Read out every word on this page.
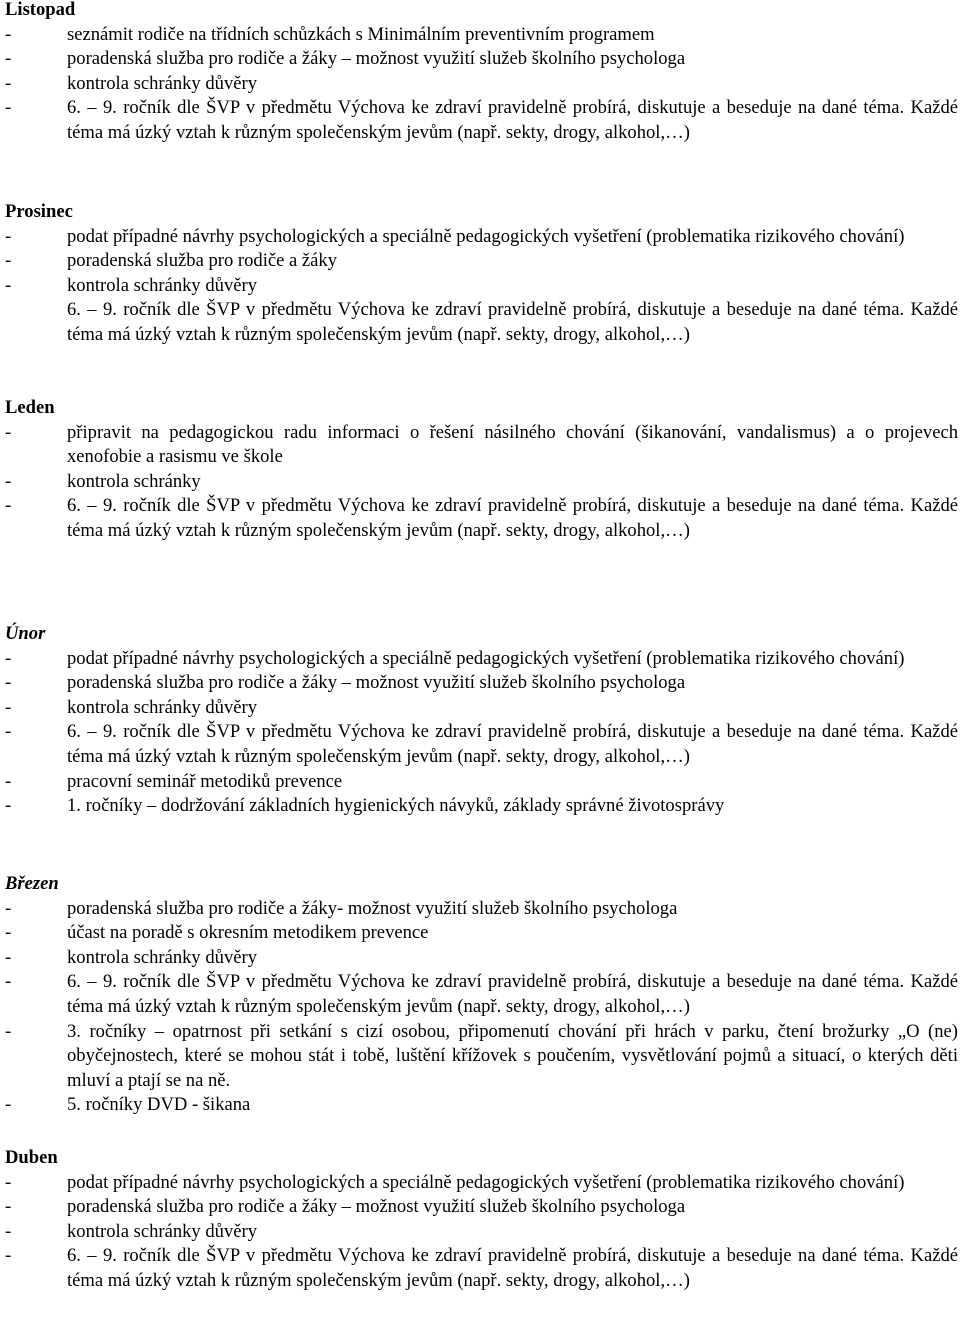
Listopad
-	seznámit rodiče na třídních schůzkách s Minimálním preventivním programem
-	poradenská služba pro rodiče a žáky – možnost využití služeb školního psychologa
-	kontrola schránky důvěry
-	6. – 9. ročník dle ŠVP v předmětu Výchova ke zdraví pravidelně probírá, diskutuje a beseduje na dané téma. Každé téma má úzký vztah k různým společenským jevům (např. sekty, drogy, alkohol,…)
Prosinec
-	podat případné návrhy psychologických a speciálně pedagogických vyšetření (problematika rizikového chování)
-	poradenská služba pro rodiče a žáky
-	kontrola schránky důvěry
6. – 9. ročník dle ŠVP v předmětu Výchova ke zdraví pravidelně probírá, diskutuje a beseduje na dané téma. Každé téma má úzký vztah k různým společenským jevům (např. sekty, drogy, alkohol,…)
Leden
-	připravit na pedagogickou radu informaci o řešení násilného chování (šikanování, vandalismus) a o projevech xenofobie a rasismu ve škole
-	kontrola schránky
-	6. – 9. ročník dle ŠVP v předmětu Výchova ke zdraví pravidelně probírá, diskutuje a beseduje na dané téma. Každé téma má úzký vztah k různým společenským jevům (např. sekty, drogy, alkohol,…)
Únor
-	podat případné návrhy psychologických a speciálně pedagogických vyšetření (problematika rizikového chování)
-	poradenská služba pro rodiče a žáky – možnost využití služeb školního psychologa
-	kontrola schránky důvěry
-	6. – 9. ročník dle ŠVP v předmětu Výchova ke zdraví pravidelně probírá, diskutuje a beseduje na dané téma. Každé téma má úzký vztah k různým společenským jevům (např. sekty, drogy, alkohol,…)
-	pracovní seminář metodiků prevence
-	1. ročníky – dodržování základních hygienických návyků, základy správné životosprávy
Březen
-	poradenská služba pro rodiče a žáky- možnost využití služeb školního psychologa
-	účast na poradě s okresním metodikem prevence
-	kontrola schránky důvěry
-	6. – 9. ročník dle ŠVP v předmětu Výchova ke zdraví pravidelně probírá, diskutuje a beseduje na dané téma. Každé téma má úzký vztah k různým společenským jevům (např. sekty, drogy, alkohol,…)
-	3. ročníky – opatrnost při setkání s cizí osobou, připomenutí chování při hrách v parku, čtení brožurky „O (ne) obyčejnostech, které se mohou stát i tobě, luštění křížovek s poučením, vysvětlování pojmů a situací, o kterých děti mluví a ptají se na ně.
-	5. ročníky DVD - šikana
Duben
-	podat případné návrhy psychologických a speciálně pedagogických vyšetření (problematika rizikového chování)
-	poradenská služba pro rodiče a žáky – možnost využití služeb školního psychologa
-	kontrola schránky důvěry
-	6. – 9. ročník dle ŠVP v předmětu Výchova ke zdraví pravidelně probírá, diskutuje a beseduje na dané téma. Každé téma má úzký vztah k různým společenským jevům (např. sekty, drogy, alkohol,…)
